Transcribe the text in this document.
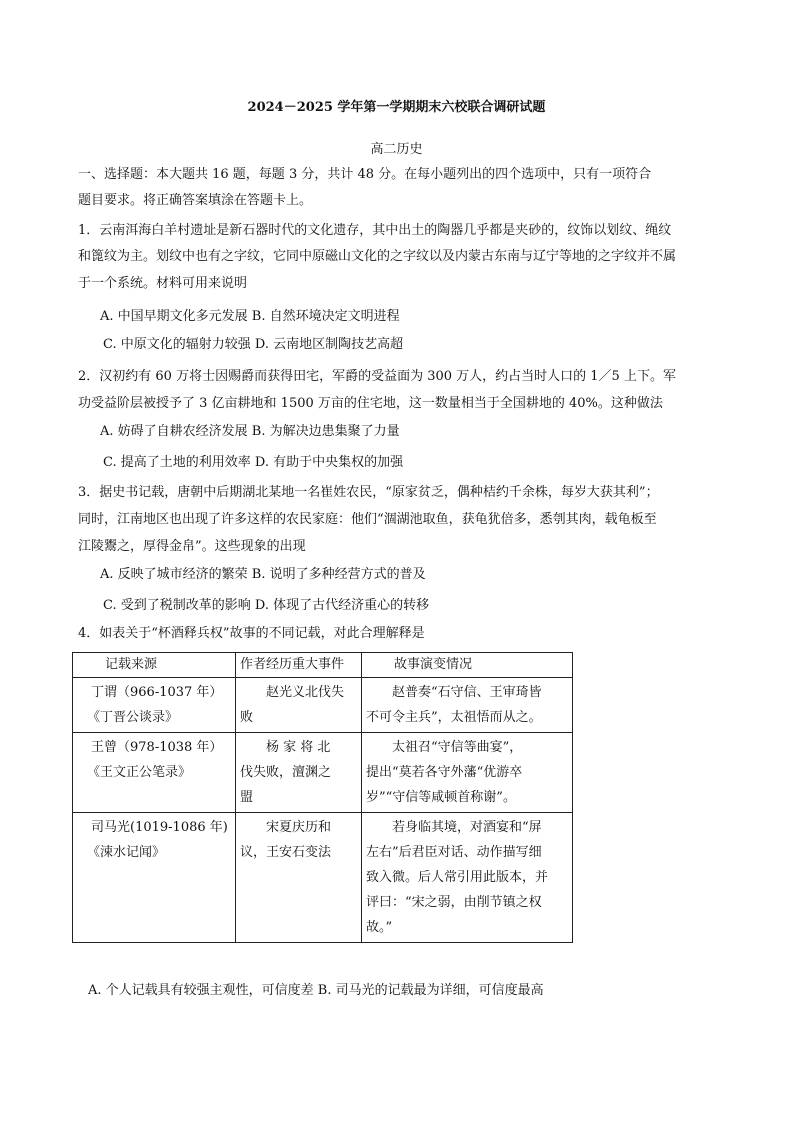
2024－2025 学年第一学期期末六校联合调研试题
高二历史
一、选择题：本大题共 16 题，每题 3 分，共计 48 分。在每小题列出的四个选项中，只有一项符合
题目要求。将正确答案填涂在答题卡上。
1．云南洱海白羊村遗址是新石器时代的文化遗存，其中出土的陶器几乎都是夹砂的，纹饰以划纹、绳纹
和篦纹为主。划纹中也有之字纹，它同中原磁山文化的之字纹以及内蒙古东南与辽宁等地的之字纹并不属
于一个系统。材料可用来说明
A. 中国早期文化多元发展 B. 自然环境决定文明进程
C. 中原文化的辐射力较强 D. 云南地区制陶技艺高超
2．汉初约有 60 万将士因赐爵而获得田宅，军爵的受益面为 300 万人，约占当时人口的 1／5 上下。军
功受益阶层被授予了 3 亿亩耕地和 1500 万亩的住宅地，这一数量相当于全国耕地的 40%。这种做法
A. 妨碍了自耕农经济发展 B. 为解决边患集聚了力量
C. 提高了土地的利用效率 D. 有助于中央集权的加强
3．据史书记载，唐朝中后期湖北某地一名崔姓农民，“原家贫乏，偶种桔约千余株，每岁大获其利”；
同时，江南地区也出现了许多这样的农民家庭：他们“涸湖池取鱼，获龟犹倍多，悉刳其肉，载龟板至
江陵鬻之，厚得金帛”。这些现象的出现
A. 反映了城市经济的繁荣 B. 说明了多种经营方式的普及
C. 受到了税制改革的影响 D. 体现了古代经济重心的转移
4．如表关于“杯酒释兵权”故事的不同记载，对此合理解释是
记载来源	作者经历重大事件	故事演变情况

丁谓（966-1037 年）
《丁晋公谈录》	　　赵光义北伐失
败	　　赵普奏“石守信、王审琦皆
不可令主兵”，太祖悟而从之。

王曾（978-1038 年）
《王文正公笔录》	　　杨 家 将 北
伐失败，澶渊之
盟	　　太祖召“守信等曲宴”，
提出“莫若各守外藩“优游卒
岁”“守信等咸顿首称谢”。

司马光(1019-1086 年)
《涑水记闻》	　　宋夏庆历和
议，王安石变法	　　若身临其境，对酒宴和“屏
左右”后君臣对话、动作描写细
致入微。后人常引用此版本，并
评曰：“宋之弱，由削节镇之权
故。”
A. 个人记载具有较强主观性，可信度差 B. 司马光的记载最为详细，可信度最高
